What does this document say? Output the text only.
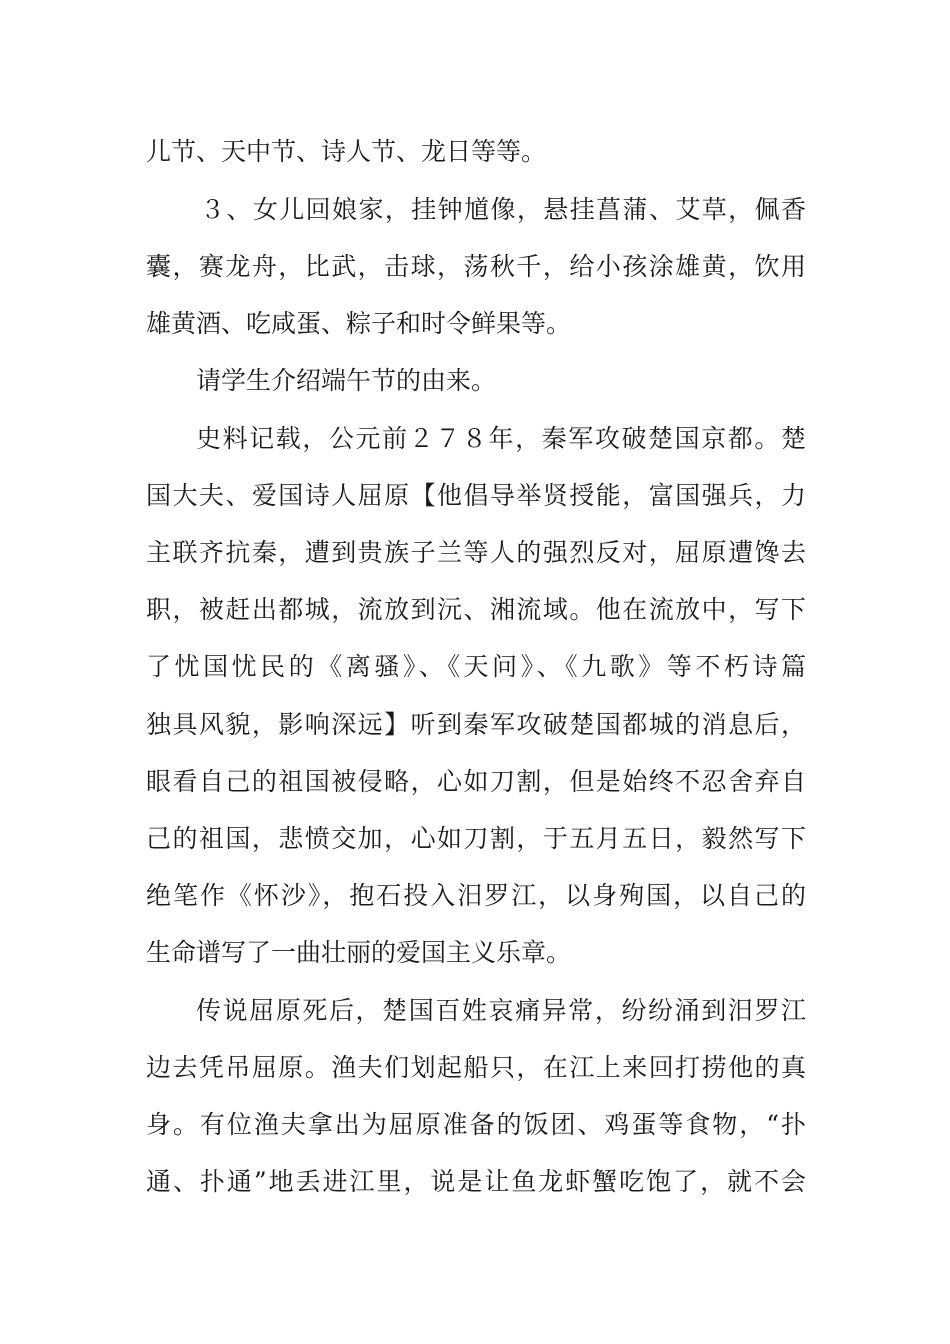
儿节、天中节、诗人节、龙日等等。
３、女儿回娘家，挂钟馗像，悬挂菖蒲、艾草，佩香
囊，赛龙舟，比武，击球，荡秋千，给小孩涂雄黄，饮用
雄黄酒、吃咸蛋、粽子和时令鲜果等。
请学生介绍端午节的由来。
史料记载，公元前２７８年，秦军攻破楚国京都。楚
国大夫、爱国诗人屈原【他倡导举贤授能，富国强兵，力
主联齐抗秦，遭到贵族子兰等人的强烈反对，屈原遭馋去
职，被赶出都城，流放到沅、湘流域。他在流放中，写下
了忧国忧民的《离骚》、《天问》、《九歌》等不朽诗篇
独具风貌，影响深远】听到秦军攻破楚国都城的消息后，
眼看自己的祖国被侵略，心如刀割，但是始终不忍舍弃自
己的祖国，悲愤交加，心如刀割，于五月五日，毅然写下
绝笔作《怀沙》，抱石投入汨罗江，以身殉国，以自己的
生命谱写了一曲壮丽的爱国主义乐章。
传说屈原死后，楚国百姓哀痛异常，纷纷涌到汨罗江
边去凭吊屈原。渔夫们划起船只，在江上来回打捞他的真
身。有位渔夫拿出为屈原准备的饭团、鸡蛋等食物，“扑
通、扑通”地丢进江里，说是让鱼龙虾蟹吃饱了，就不会
